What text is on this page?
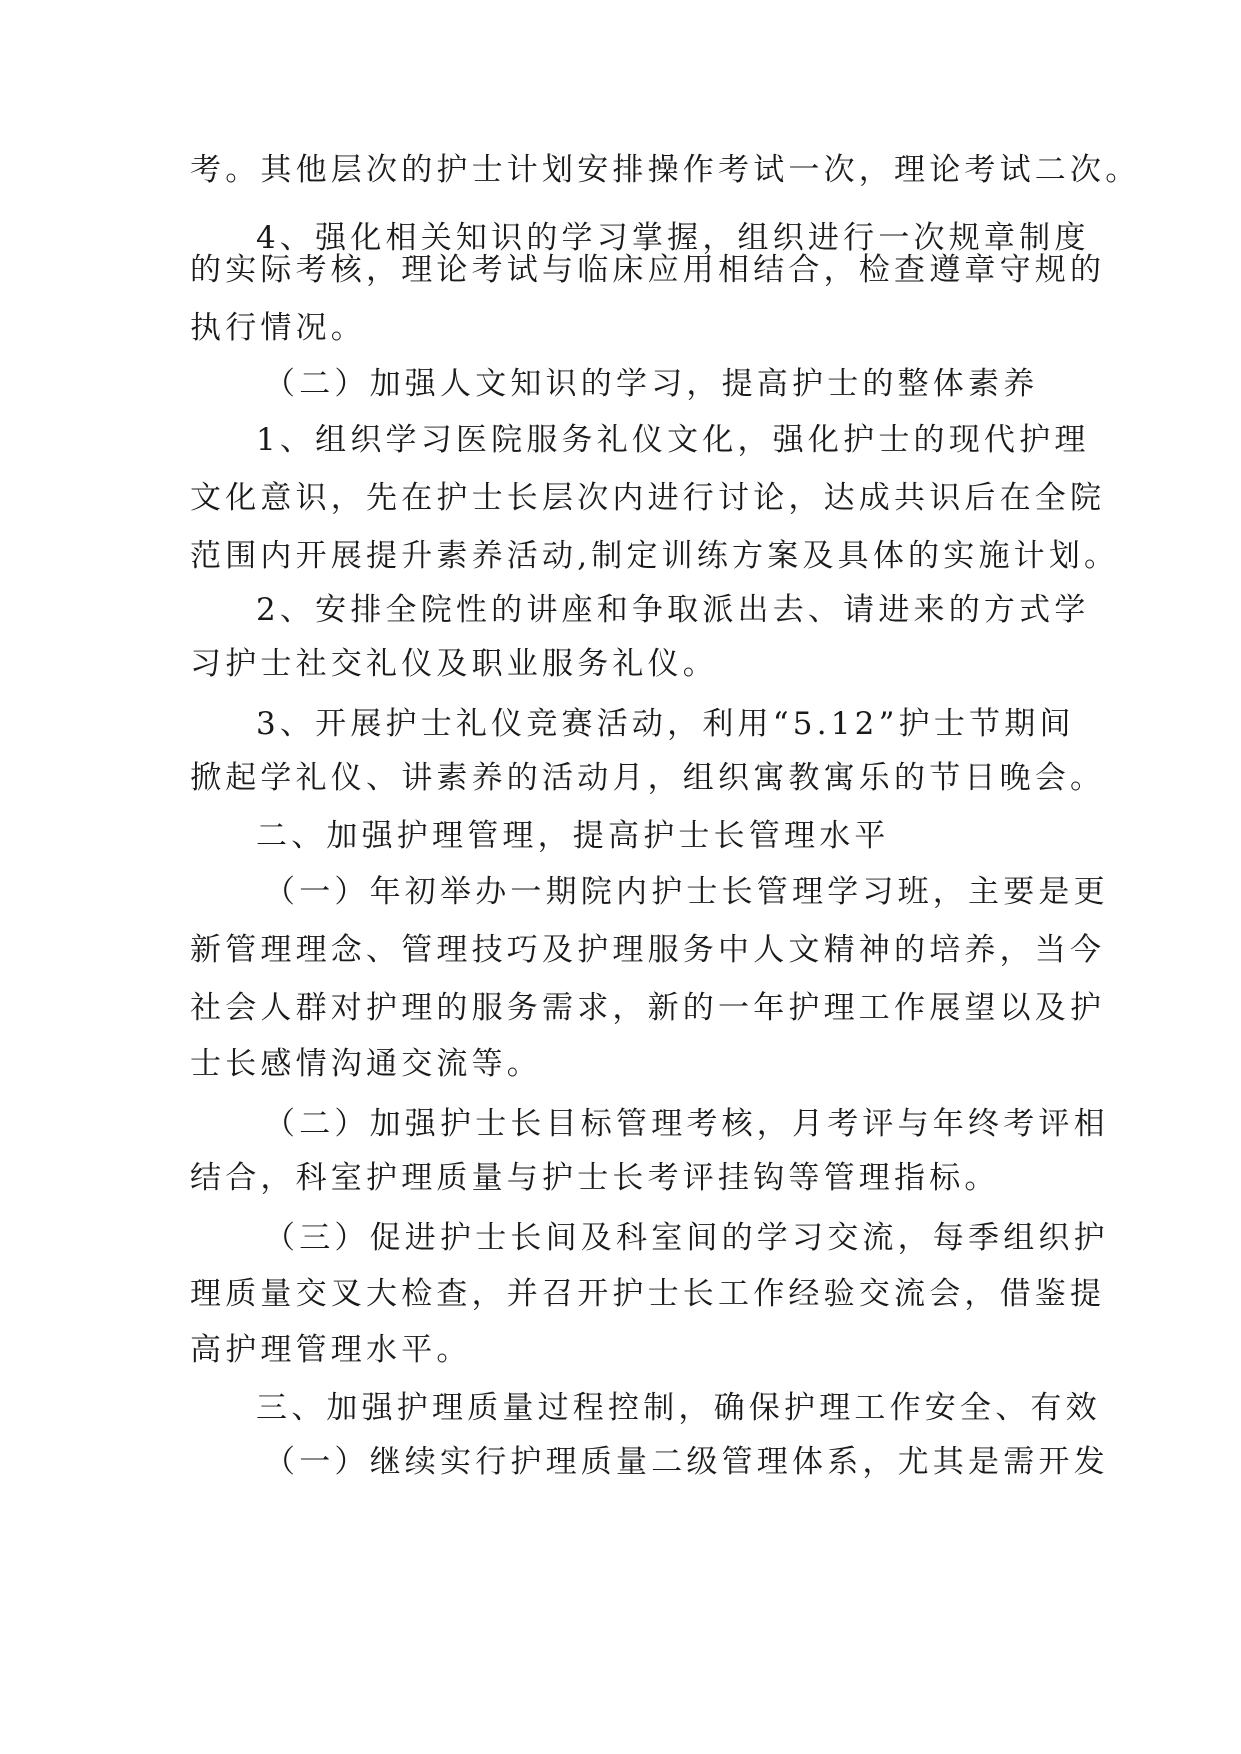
考。其他层次的护士计划安排操作考试一次，理论考试二次。
4、强化相关知识的学习掌握，组织进行一次规章制度
的实际考核，理论考试与临床应用相结合，检查遵章守规的
执行情况。
（二）加强人文知识的学习，提高护士的整体素养
1、组织学习医院服务礼仪文化，强化护士的现代护理
文化意识，先在护士长层次内进行讨论，达成共识后在全院
范围内开展提升素养活动,制定训练方案及具体的实施计划。
2、安排全院性的讲座和争取派出去、请进来的方式学
习护士社交礼仪及职业服务礼仪。
3、开展护士礼仪竞赛活动，利用“5.12”护士节期间
掀起学礼仪、讲素养的活动月，组织寓教寓乐的节日晚会。
二、加强护理管理，提高护士长管理水平
（一）年初举办一期院内护士长管理学习班，主要是更
新管理理念、管理技巧及护理服务中人文精神的培养，当今
社会人群对护理的服务需求，新的一年护理工作展望以及护
士长感情沟通交流等。
（二）加强护士长目标管理考核，月考评与年终考评相
结合，科室护理质量与护士长考评挂钩等管理指标。
（三）促进护士长间及科室间的学习交流，每季组织护
理质量交叉大检查，并召开护士长工作经验交流会，借鉴提
高护理管理水平。
三、加强护理质量过程控制，确保护理工作安全、有效
（一）继续实行护理质量二级管理体系，尤其是需开发
